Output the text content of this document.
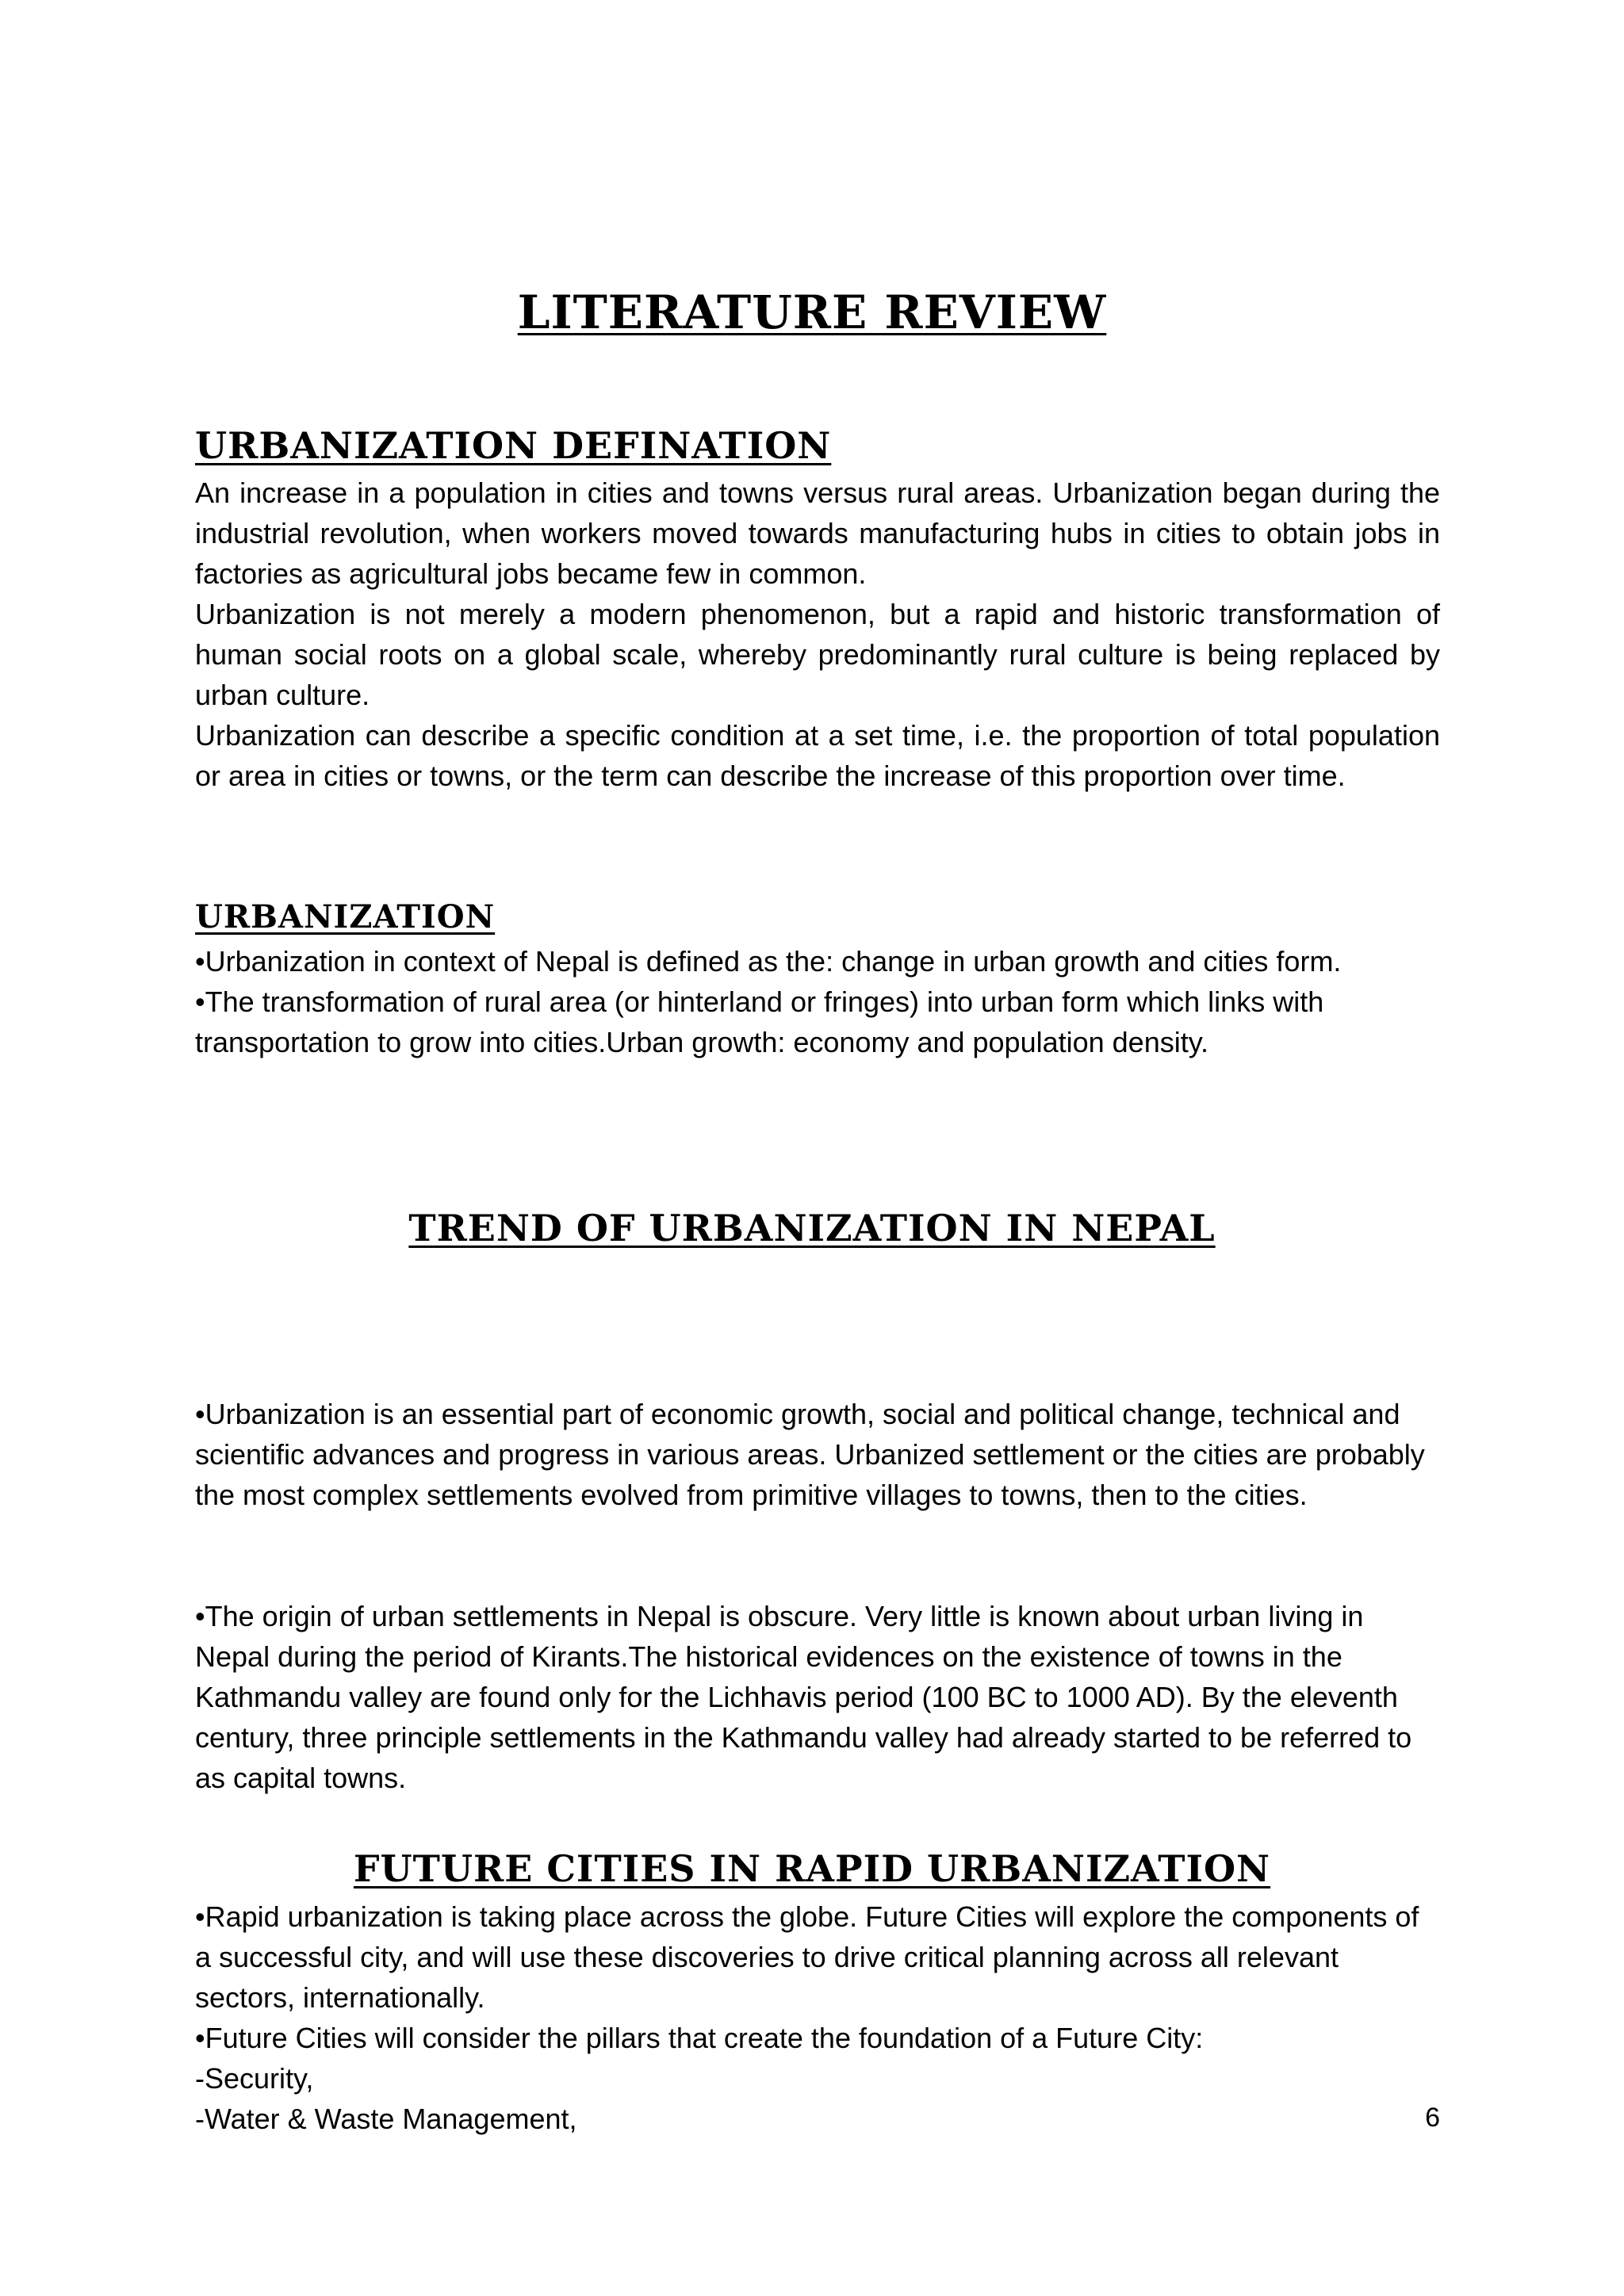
LITERATURE REVIEW
URBANIZATION DEFINATION

An increase in a population in cities and towns versus rural areas. Urbanization began during the industrial revolution, when workers moved towards manufacturing hubs in cities to obtain jobs in factories as agricultural jobs became few in common.

Urbanization is not merely a modern phenomenon, but a rapid and historic transformation of human social roots on a global scale, whereby predominantly rural culture is being replaced by urban culture.

Urbanization can describe a specific condition at a set time, i.e. the proportion of total population or area in cities or towns, or the term can describe the increase of this proportion over time.

URBANIZATION

•Urbanization in context of Nepal is defined as the: change in urban growth and cities form.

•The transformation of rural area (or hinterland or fringes) into urban form which links with transportation to grow into cities.Urban growth: economy and population density.

TREND OF URBANIZATION IN NEPAL

•Urbanization is an essential part of economic growth, social and political change, technical and scientific advances and progress in various areas. Urbanized settlement or the cities are probably the most complex settlements evolved from primitive villages to towns, then to the cities.

•The origin of urban settlements in Nepal is obscure. Very little is known about urban living in Nepal during the period of Kirants.The historical evidences on the existence of towns in the Kathmandu valley are found only for the Lichhavis period (100 BC to 1000 AD). By the eleventh century, three principle settlements in the Kathmandu valley had already started to be referred to as capital towns.

FUTURE CITIES IN RAPID URBANIZATION

•Rapid urbanization is taking place across the globe. Future Cities will explore the components of a successful city, and will use these discoveries to drive critical planning across all relevant sectors, internationally.

•Future Cities will consider the pillars that create the foundation of a Future City:

-Security,

-Water & Waste Management,	6
